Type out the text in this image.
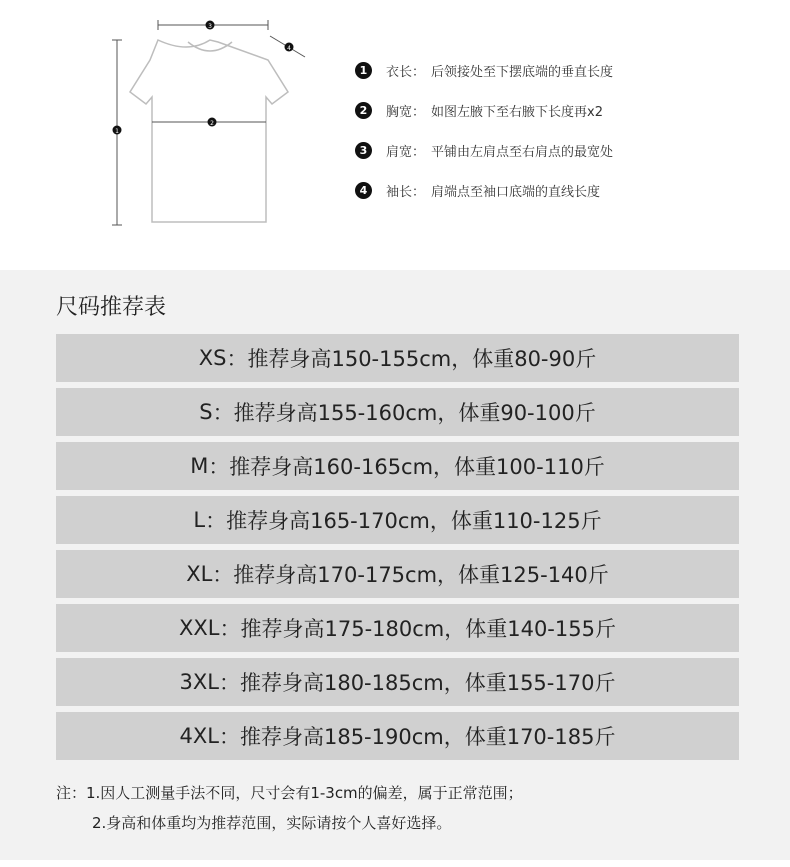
1
3
4
2
1	衣长： 后领接处至下摆底端的垂直长度
2	胸宽： 如图左腋下至右腋下长度再x2
3	肩宽： 平铺由左肩点至右肩点的最宽处
4	袖长： 肩端点至袖口底端的直线长度
尺码推荐表
XS ：推荐身高150-155cm，体重80-90斤
S ：推荐身高155-160cm，体重90-100斤
M ：推荐身高160-165cm，体重100-110斤
L ：推荐身高165-170cm，体重110-125斤
XL ：推荐身高170-175cm，体重125-140斤
XXL ：推荐身高175-180cm，体重140-155斤
3XL ：推荐身高180-185cm，体重155-170斤
4XL ：推荐身高185-190cm，体重170-185斤
注：1.因人工测量手法不同，尺寸会有1-3cm的偏差，属于正常范围；
2.身高和体重均为推荐范围，实际请按个人喜好选择。
